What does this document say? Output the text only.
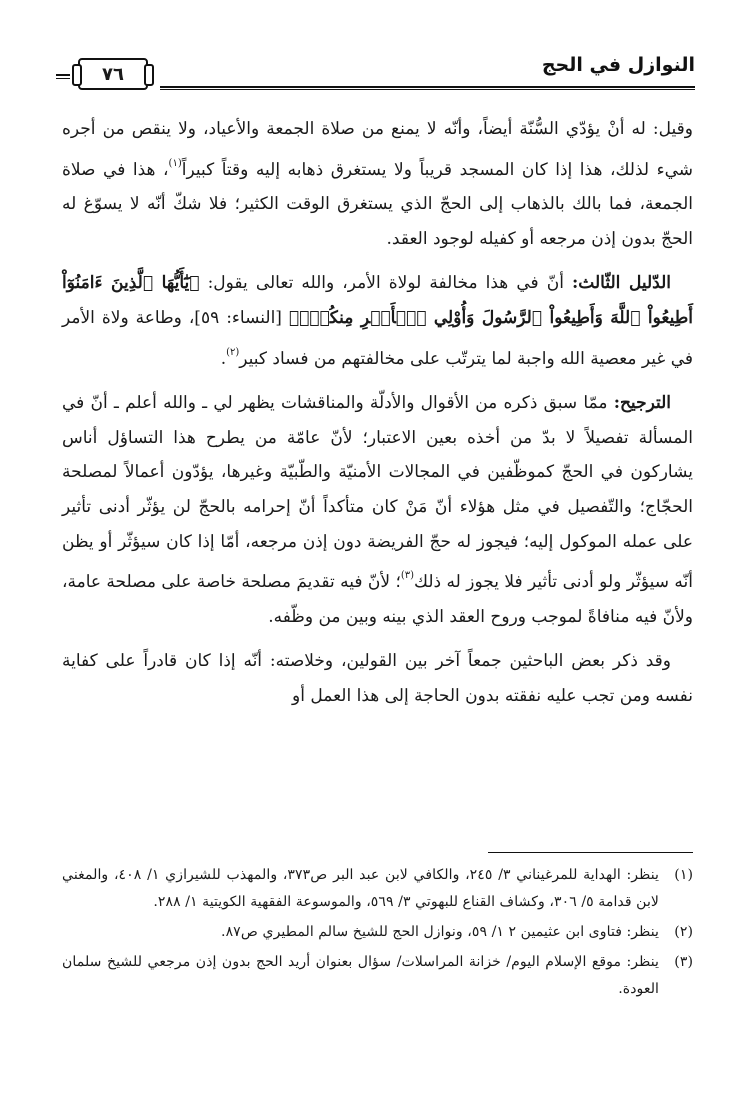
النوازل في الحج
٧٦

وقيل: له أنْ يؤدّي السُّنّة أيضاً، وأنّه لا يمنع من صلاة الجمعة والأعياد، ولا ينقص من أجره شيء لذلك، هذا إذا كان المسجد قريباً ولا يستغرق ذهابه إليه وقتاً كبيراً$^{(١)}$، هذا في صلاة الجمعة، فما بالك بالذهاب إلى الحجّ الذي يستغرق الوقت الكثير؛ فلا شكّ أنّه لا يسوّغ له الحجّ بدون إذن مرجعه أو كفيله لوجود العقد.

الدّليل الثّالث: أنّ في هذا مخالفة لولاة الأمر، والله تعالى يقول: ﴿يَٰٓأَيُّهَا ٱلَّذِينَ ءَامَنُوٓاْ أَطِيعُواْ ٱللَّهَ وَأَطِيعُواْ ٱلرَّسُولَ وَأُوْلِي ٱلۡأَمۡرِ مِنكُمۡۖ﴾ [النساء: ٥٩]، وطاعة ولاة الأمر في غير معصية الله واجبة لما يترتّب على مخالفتهم من فساد كبير$^{(٢)}$.

الترجيح: ممّا سبق ذكره من الأقوال والأدلّة والمناقشات يظهر لي ـ والله أعلم ـ أنّ في المسألة تفصيلاً لا بدّ من أخذه بعين الاعتبار؛ لأنّ عامّة من يطرح هذا التساؤل أناس يشاركون في الحجّ كموظّفين في المجالات الأمنيّة والطّبيّة وغيرها، يؤدّون أعمالاً لمصلحة الحجّاج؛ والتّفصيل في مثل هؤلاء أنّ مَنْ كان متأكداً أنّ إحرامه بالحجّ لن يؤثّر أدنى تأثير على عمله الموكول إليه؛ فيجوز له حجّ الفريضة دون إذن مرجعه، أمّا إذا كان سيؤثّر أو يظن أنّه سيؤثّر ولو أدنى تأثير فلا يجوز له ذلك$^{(٣)}$؛ لأنّ فيه تقديمَ مصلحة خاصة على مصلحة عامة، ولأنّ فيه منافاةً لموجب وروح العقد الذي بينه وبين من وظّفه.

وقد ذكر بعض الباحثين جمعاً آخر بين القولين، وخلاصته: أنّه إذا كان قادراً على كفاية نفسه ومن تجب عليه نفقته بدون الحاجة إلى هذا العمل أو

(١)
ينظر: الهداية للمرغيناني ٣/ ٢٤٥، والكافي لابن عبد البر ص٣٧٣، والمهذب للشيرازي ١/ ٤٠٨، والمغني لابن قدامة ٥/ ٣٠٦، وكشاف القناع للبهوتي ٣/ ٥٦٩، والموسوعة الفقهية الكويتية ١/ ٢٨٨.
(٢)
ينظر: فتاوى ابن عثيمين ٢ ١/ ٥٩، ونوازل الحج للشيخ سالم المطيري ص٨٧.
(٣)
ينظر: موقع الإسلام اليوم/ خزانة المراسلات/ سؤال بعنوان أريد الحج بدون إذن مرجعي للشيخ سلمان العودة.
